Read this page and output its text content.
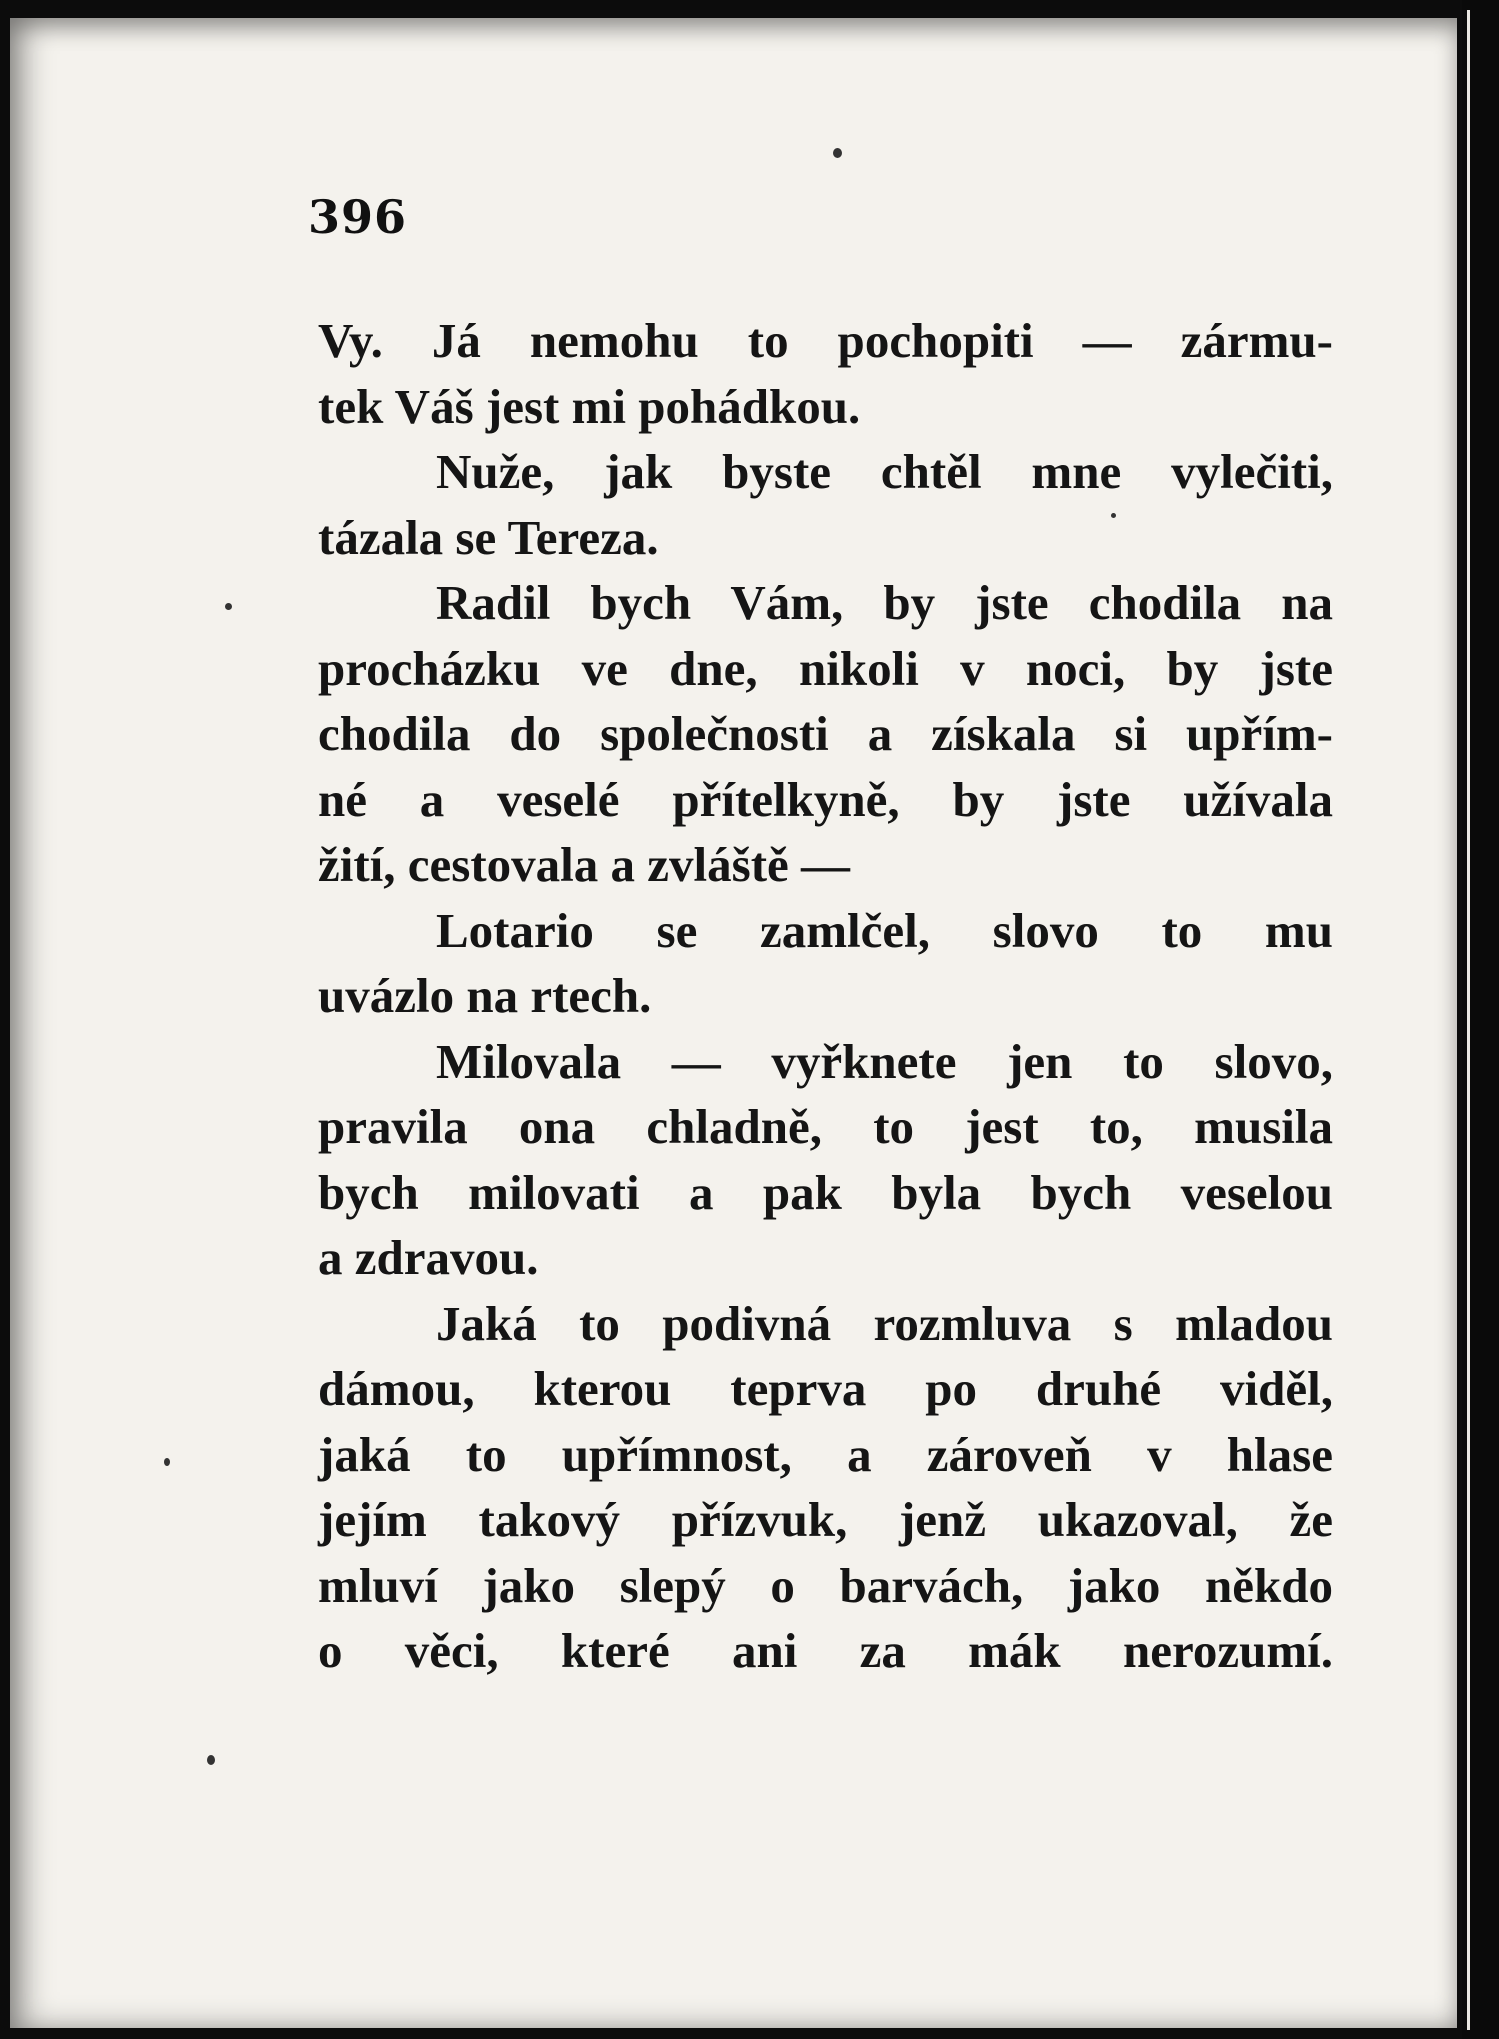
396

Vy. Já nemohu to pochopiti — zármu-
tek Váš jest mi pohádkou.
Nuže, jak byste chtěl mne vylečiti,
tázala se Tereza.
Radil bych Vám, by jste chodila na
procházku ve dne, nikoli v noci, by jste
chodila do společnosti a získala si upřím-
né a veselé přítelkyně, by jste užívala
žití, cestovala a zvláště —
Lotario se zamlčel, slovo to mu
uvázlo na rtech.
Milovala — vyřknete jen to slovo,
pravila ona chladně, to jest to, musila
bych milovati a pak byla bych veselou
a zdravou.
Jaká to podivná rozmluva s mladou
dámou, kterou teprva po druhé viděl,
jaká to upřímnost, a zároveň v hlase
jejím takový přízvuk, jenž ukazoval, že
mluví jako slepý o barvách, jako někdo
o věci, které ani za mák nerozumí.
